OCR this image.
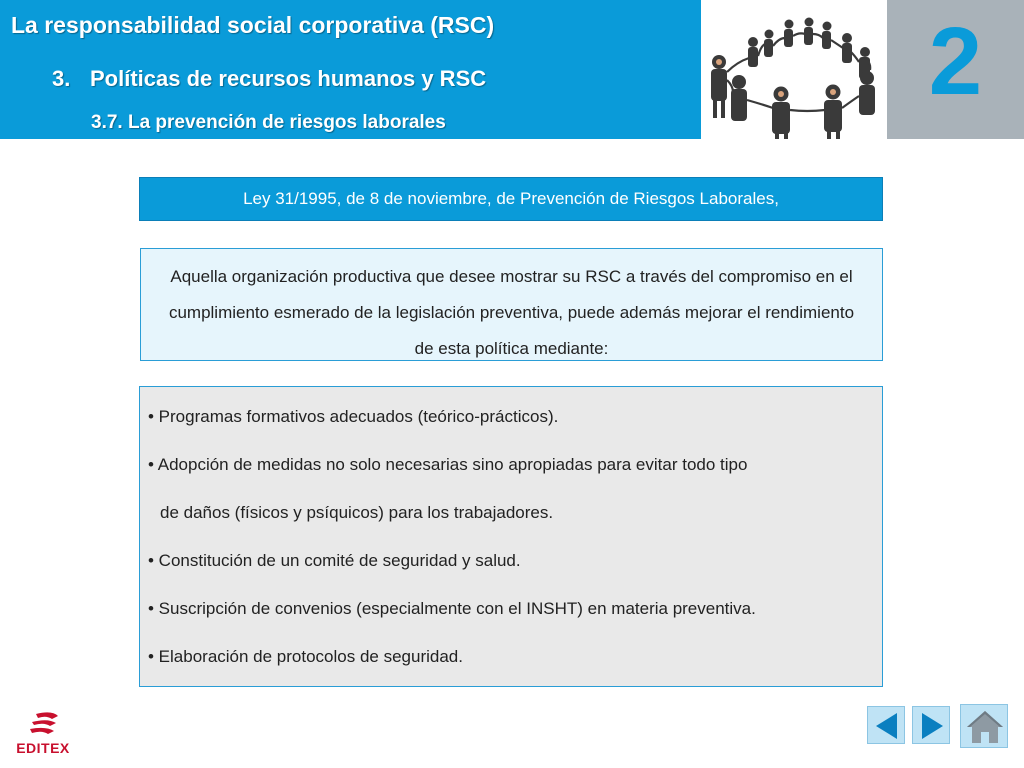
La responsabilidad social corporativa (RSC)
3. Políticas de recursos humanos y RSC
3.7. La prevención de riesgos laborales
2
Ley 31/1995, de 8 de noviembre, de Prevención de Riesgos Laborales,
Aquella organización productiva que desee mostrar su RSC a través del compromiso en el cumplimiento esmerado de la legislación preventiva, puede además mejorar el rendimiento de esta política mediante:

• Programas formativos adecuados (teórico-prácticos).

• Adopción de medidas no solo necesarias sino apropiadas para evitar todo tipo

de daños (físicos y psíquicos) para los trabajadores.

• Constitución de un comité de seguridad y salud.

• Suscripción de convenios (especialmente con el INSHT) en materia preventiva.

• Elaboración de protocolos de seguridad.

EDITEX
